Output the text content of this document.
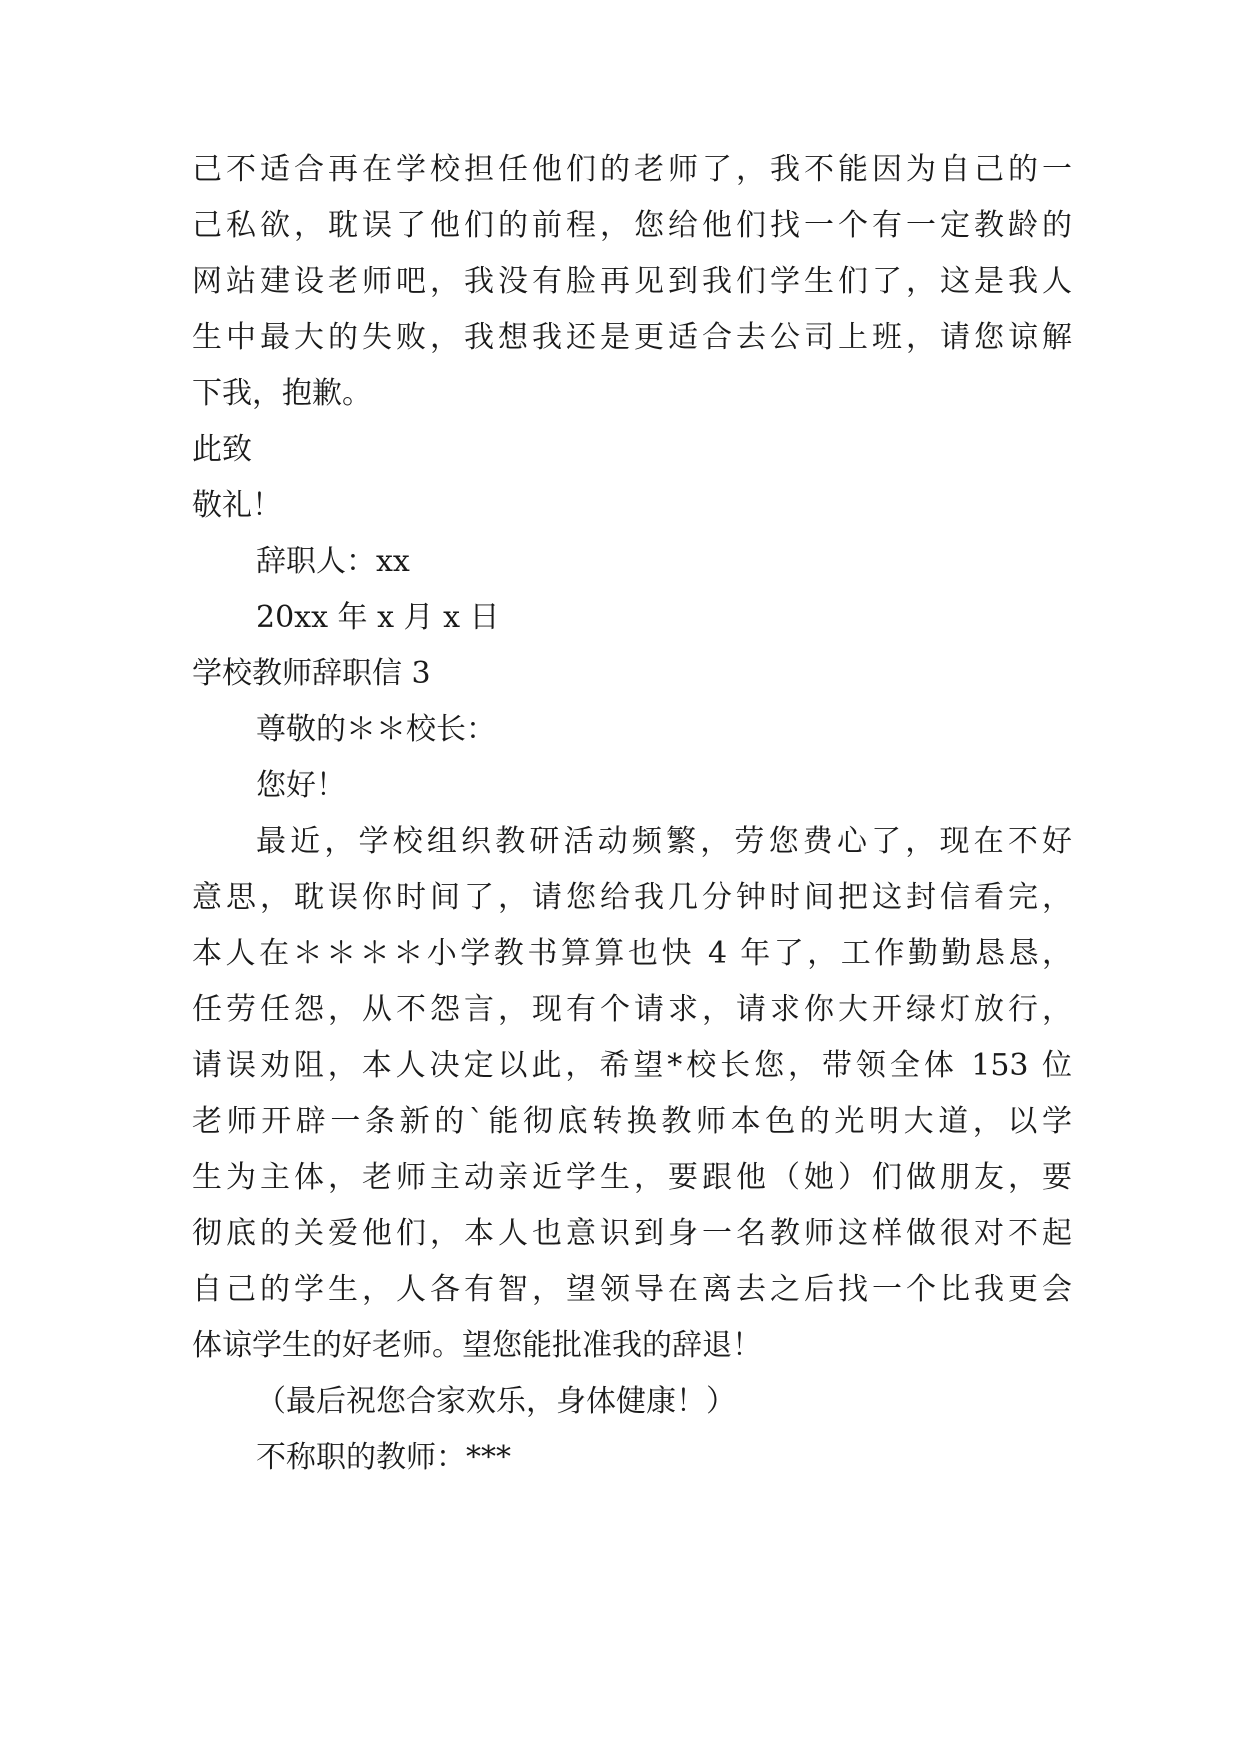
己不适合再在学校担任他们的老师了，我不能因为自己的一
己私欲，耽误了他们的前程，您给他们找一个有一定教龄的
网站建设老师吧，我没有脸再见到我们学生们了，这是我人
生中最大的失败，我想我还是更适合去公司上班，请您谅解
下我，抱歉。
此致
敬礼！
辞职人：xx
20xx 年 x 月 x 日
学校教师辞职信 3
尊敬的＊＊校长：
您好！
最近，学校组织教研活动频繁，劳您费心了，现在不好
意思，耽误你时间了，请您给我几分钟时间把这封信看完，
本人在＊＊＊＊小学教书算算也快 4 年了，工作勤勤恳恳，
任劳任怨，从不怨言，现有个请求，请求你大开绿灯放行，
请误劝阻，本人决定以此，希望*校长您，带领全体 153 位
老师开辟一条新的`能彻底转换教师本色的光明大道，以学
生为主体，老师主动亲近学生，要跟他（她）们做朋友，要
彻底的关爱他们，本人也意识到身一名教师这样做很对不起
自己的学生，人各有智，望领导在离去之后找一个比我更会
体谅学生的好老师。望您能批准我的辞退！
（最后祝您合家欢乐，身体健康！）
不称职的教师：***
